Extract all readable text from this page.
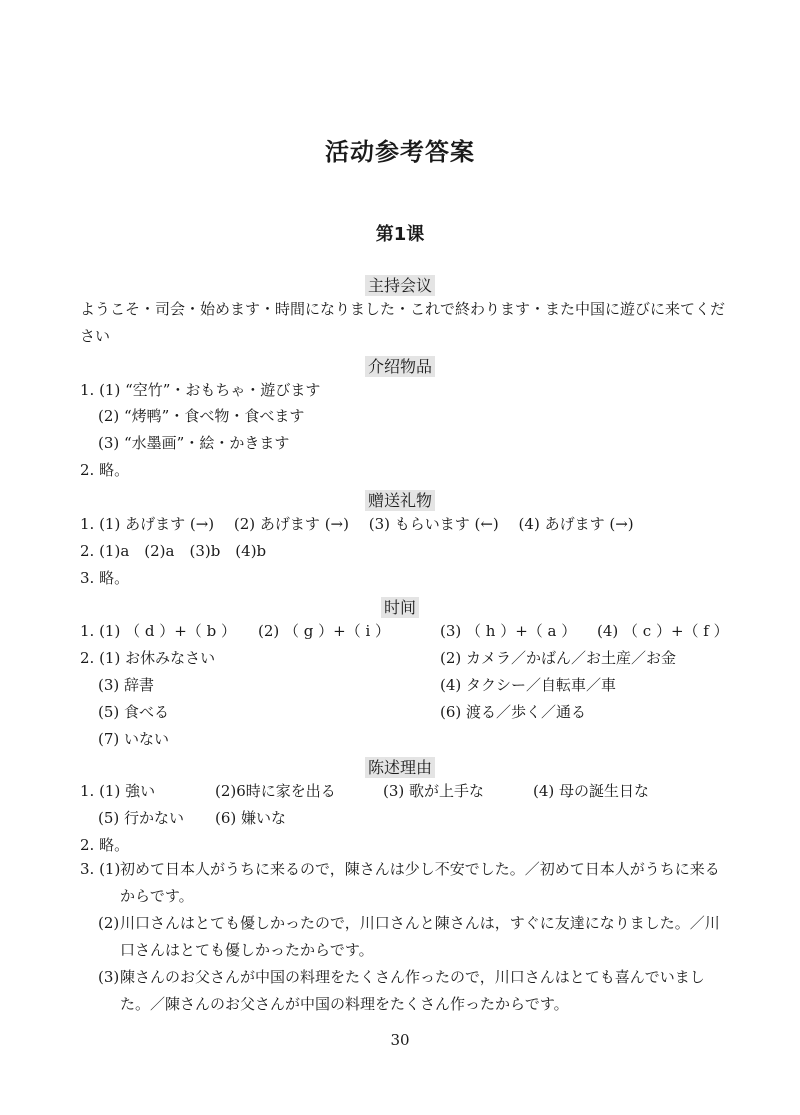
活动参考答案
第1课
主持会议
ようこそ・司会・始めます・時間になりました・これで終わります・また中国に遊びに来てください
介绍物品
1. (1) “空竹”・おもちゃ・遊びます
(2) “烤鸭”・食べ物・食べます
(3) “水墨画”・絵・かきます
2. 略。
赠送礼物
1. (1) あげます (→)　 (2) あげます (→)　 (3) もらいます (←)　 (4) あげます (→)
2. (1)a　(2)a　(3)b　(4)b
3. 略。
时间
1. (1) （ d ）+（ b ） (2) （ g ）+（ i ）	(3) （ h ）+（ a ） (4) （ c ）+（ f ）
2. (1) お休みなさい	(2) カメラ／かばん／お土産／お金
(3) 辞書	(4) タクシー／自転車／車
(5) 食べる	(6) 渡る／歩く／通る
(7) いない
陈述理由
1. (1) 強い	(2)6時に家を出る	(3) 歌が上手な	(4) 母の誕生日な
(5) 行かない (6) 嫌いな
2. 略。
3. (1) 初めて日本人がうちに来るので，陳さんは少し不安でした。／初めて日本人がうちに来るからです。
(2) 川口さんはとても優しかったので，川口さんと陳さんは，すぐに友達になりました。／川口さんはとても優しかったからです。
(3) 陳さんのお父さんが中国の料理をたくさん作ったので，川口さんはとても喜んでいました。／陳さんのお父さんが中国の料理をたくさん作ったからです。
30
